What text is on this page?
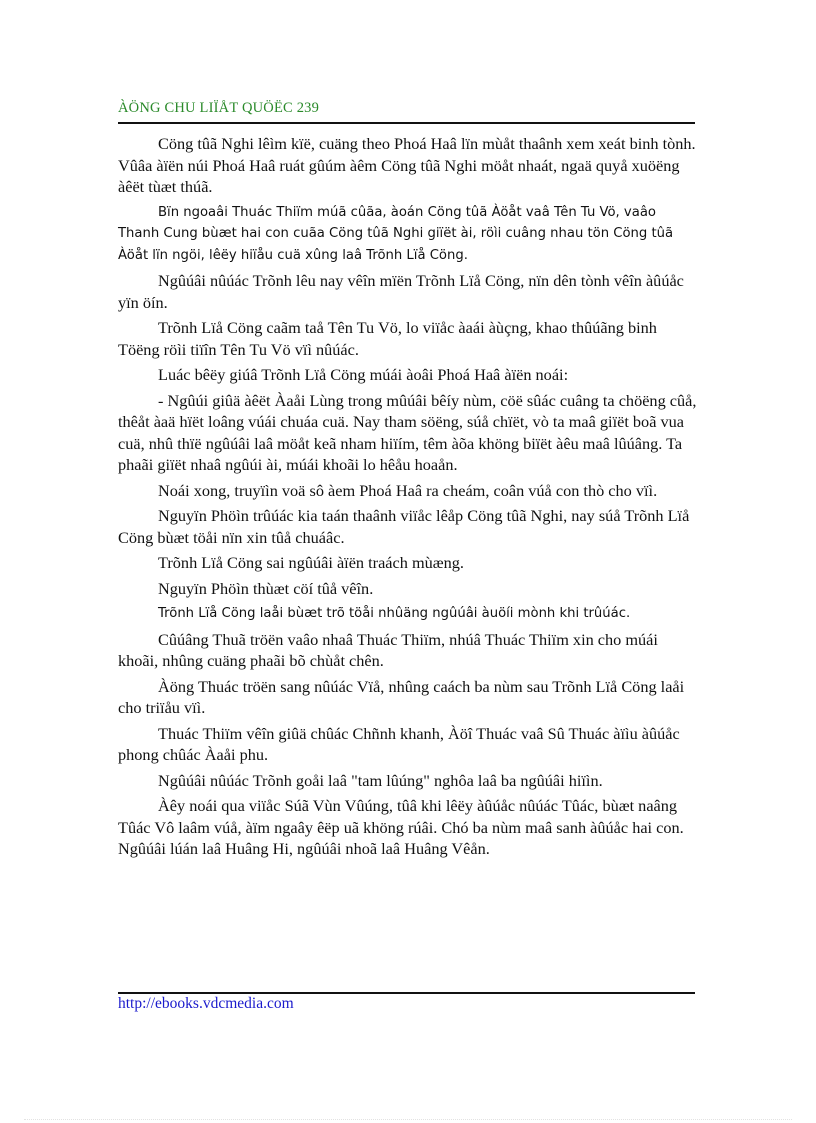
ÀÖNG CHU LIÏÅT QUÖËC 239

Cöng tûã Nghi lêìm kïë, cuäng theo Phoá Haâ lïn mùåt thaânh xem xeát binh tònh. Vûâa àïën núi Phoá Haâ ruát gûúm àêm Cöng tûã Nghi möåt nhaát, ngaä quyå xuöëng àêët tùæt thúã.

Bïn ngoaâi Thuác Thiïm múã cûãa, àoán Cöng tûã Àöåt vaâ Tên Tu Vö, vaâo Thanh Cung bùæt hai con cuãa Cöng tûã Nghi giïët ài, röìi cuâng nhau tön Cöng tûã Àöåt lïn ngöi, lêëy hiïåu cuä xûng laâ Trõnh Lïå Cöng.

Ngûúâi nûúác Trõnh lêu nay vêîn mïën Trõnh Lïå Cöng, nïn dên tònh vêîn àûúåc yïn öín.

Trõnh Lïå Cöng caãm taå Tên Tu Vö, lo viïåc àaái àùçng, khao thûúãng binh Töëng röìi tiïîn Tên Tu Vö vïì nûúác.

Luác bêëy giúâ Trõnh Lïå Cöng múái àoâi Phoá Haâ àïën noái:

- Ngûúi giûä àêët Àaåi Lùng trong mûúâi bêíy nùm, cöë sûác cuâng ta chöëng cûå, thêåt àaä hïët loâng vúái chuáa cuä. Nay tham söëng, súå chïët, vò ta maâ giïët boã vua cuä, nhû thïë ngûúâi laâ möåt keã nham hiïím, têm àõa khöng biïët àêu maâ lûúâng. Ta phaãi giïët nhaâ ngûúi ài, múái khoãi lo hêåu hoaån.

Noái xong, truyïìn voä sô àem Phoá Haâ ra cheám, coân vúå con thò cho vïì.

Nguyïn Phöìn trûúác kia taán thaânh viïåc lêåp Cöng tûã Nghi, nay súå Trõnh Lïå Cöng bùæt töåi nïn xin tûå chuáâc.

Trõnh Lïå Cöng sai ngûúâi àïën traách mùæng.

Nguyïn Phöìn thùæt cöí tûå vêîn.

Trõnh Lïå Cöng laåi bùæt trõ töåi nhûäng ngûúâi àuöíi mònh khi trûúác.

Cûúâng Thuã tröën vaâo nhaâ Thuác Thiïm, nhúâ Thuác Thiïm xin cho múái khoãi, nhûng cuäng phaãi bõ chùåt chên.

Àöng Thuác tröën sang nûúác Vïå, nhûng caách ba nùm sau Trõnh Lïå Cöng laåi cho triïåu vïì.

Thuác Thiïm vêîn giûä chûác Chñnh khanh, Àöî Thuác vaâ Sû Thuác àïìu àûúåc phong chûác Àaåi phu.

Ngûúâi nûúác Trõnh goåi laâ "tam lûúng" nghôa laâ ba ngûúâi hiïìn.

Àêy noái qua viïåc Súã Vùn Vûúng, tûâ khi lêëy àûúåc nûúác Tûác, bùæt naâng Tûác Vô laâm vúå, àïm ngaây êëp uã khöng rúâi. Chó ba nùm maâ sanh àûúåc hai con. Ngûúâi lúán laâ Huâng Hi, ngûúâi nhoã laâ Huâng Vêån.

http://ebooks.vdcmedia.com
